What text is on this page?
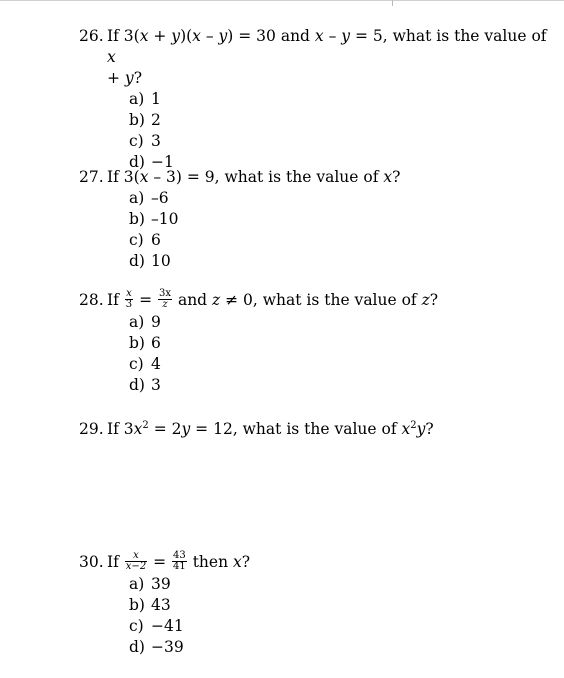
26. If 3(x + y)(x – y) = 30 and x – y = 5, what is the value of x
+ y?
a) 1
b) 2
c) 3
d) −1
27. If 3(x – 3) = 9, what is the value of x?
a) –6
b) –10
c) 6
d) 10
28. If $\frac{x}{3} = \frac{3x}{z}$ and z ≠ 0, what is the value of z?
a) 9
b) 6
c) 4
d) 3
29. If $3x^2 = 2y = 12$, what is the value of $x^2y$?
30. If $\frac{x}{x-2} = \frac{43}{41}$ then x?
a) 39
b) 43
c) −41
d) −39
